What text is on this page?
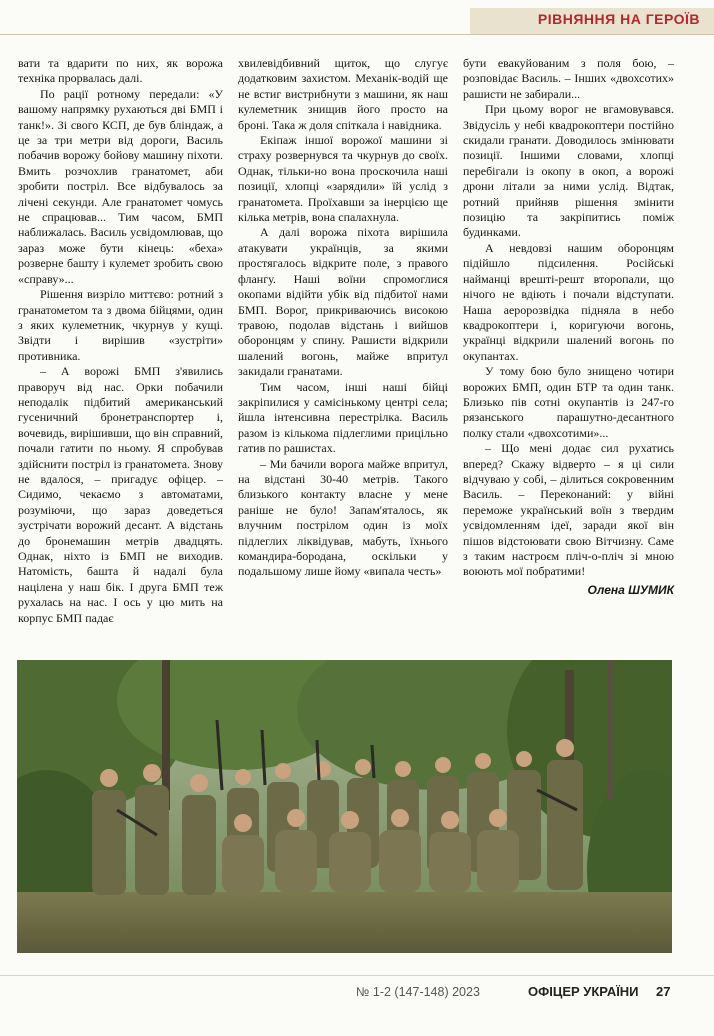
РІВНЯННЯ НА ГЕРОЇВ

вати та вдарити по них, як ворожа техніка прорвалась далі.

По рації ротному передали: «У вашому напрямку рухаються дві БМП і танк!». Зі свого КСП, де був бліндаж, а це за три метри від дороги, Василь побачив ворожу бойову машину піхоти. Вмить розчохлив гранатомет, аби зробити постріл. Все відбувалось за лічені секунди. Але гранатомет чомусь не спрацював... Тим часом, БМП наближалась. Василь усвідомлював, що зараз може бути кінець: «беха» розверне башту і кулемет зробить свою «справу»...

Рішення визріло миттєво: ротний з гранатометом та з двома бійцями, один з яких кулеметник, чкурнув у кущі. Звідти і вирішив «зустріти» противника.

– А ворожі БМП з'явились праворуч від нас. Орки побачили неподалік підбитий американський гусеничний бронетранспортер і, вочевидь, вирішивши, що він справний, почали гатити по ньому. Я спробував здійснити постріл із гранатомета. Знову не вдалося, – пригадує офіцер. – Сидимо, чекаємо з автоматами, розуміючи, що зараз доведеться зустрічати ворожий десант. А відстань до бронемашин метрів двадцять. Однак, ніхто із БМП не виходив. Натомість, башта й надалі була націлена у наш бік. І друга БМП теж рухалась на нас. І ось у цю мить на корпус БМП падає

хвилевідбивний щиток, що слугує додатковим захистом. Механік-водій ще не встиг вистрибнути з машини, як наш кулеметник знищив його просто на броні. Така ж доля спіткала і навідника.

Екіпаж іншої ворожої машини зі страху розвернувся та чкурнув до своїх. Однак, тільки-но вона проскочила наші позиції, хлопці «зарядили» їй услід з гранатомета. Проїхавши за інерцією ще кілька метрів, вона спалахнула.

А далі ворожа піхота вирішила атакувати українців, за якими простягалось відкрите поле, з правого флангу. Наші воїни спромоглися окопами відійти убік від підбитої нами БМП. Ворог, прикриваючись високою травою, подолав відстань і вийшов оборонцям у спину. Рашисти відкрили шалений вогонь, майже впритул закидали гранатами.

Тим часом, інші наші бійці закріпилися у самісінькому центрі села; йшла інтенсивна перестрілка. Василь разом із кількома підлеглими прицільно гатив по рашистах.

– Ми бачили ворога майже впритул, на відстані 30-40 метрів. Такого близького контакту власне у мене раніше не було! Запам'яталось, як влучним пострілом один із моїх підлеглих ліквідував, мабуть, їхнього командира-бородана, оскільки у подальшому лише йому «випала честь»

бути евакуйованим з поля бою, – розповідає Василь. – Інших «двохсотих» рашисти не забирали...

При цьому ворог не вгамовувався. Звідусіль у небі квадрокоптери постійно скидали гранати. Доводилось змінювати позиції. Іншими словами, хлопці перебігали із окопу в окоп, а ворожі дрони літали за ними услід. Відтак, ротний прийняв рішення змінити позицію та закріпитись поміж будинками.

А невдовзі нашим оборонцям підійшло підсилення. Російські найманці врешті-решт второпали, що нічого не вдіють і почали відступати. Наша аеророзвідка підняла в небо квадрокоптери і, коригуючи вогонь, українці відкрили шалений вогонь по окупантах.

У тому бою було знищено чотири ворожих БМП, один БТР та один танк. Близько пів сотні окупантів із 247-го рязанського парашутно-десантного полку стали «двохсотими»...

– Що мені додає сил рухатись вперед? Скажу відверто – я ці сили відчуваю у собі, – ділиться сокровенним Василь. – Переконаний: у війні переможе український воїн з твердим усвідомленням ідеї, заради якої він пішов відстоювати свою Вітчизну. Саме з таким настроєм пліч-о-пліч зі мною воюють мої побратими!

Олена ШУМИК
№ 1-2 (147-148) 2023	ОФІЦЕР УКРАЇНИ 27
